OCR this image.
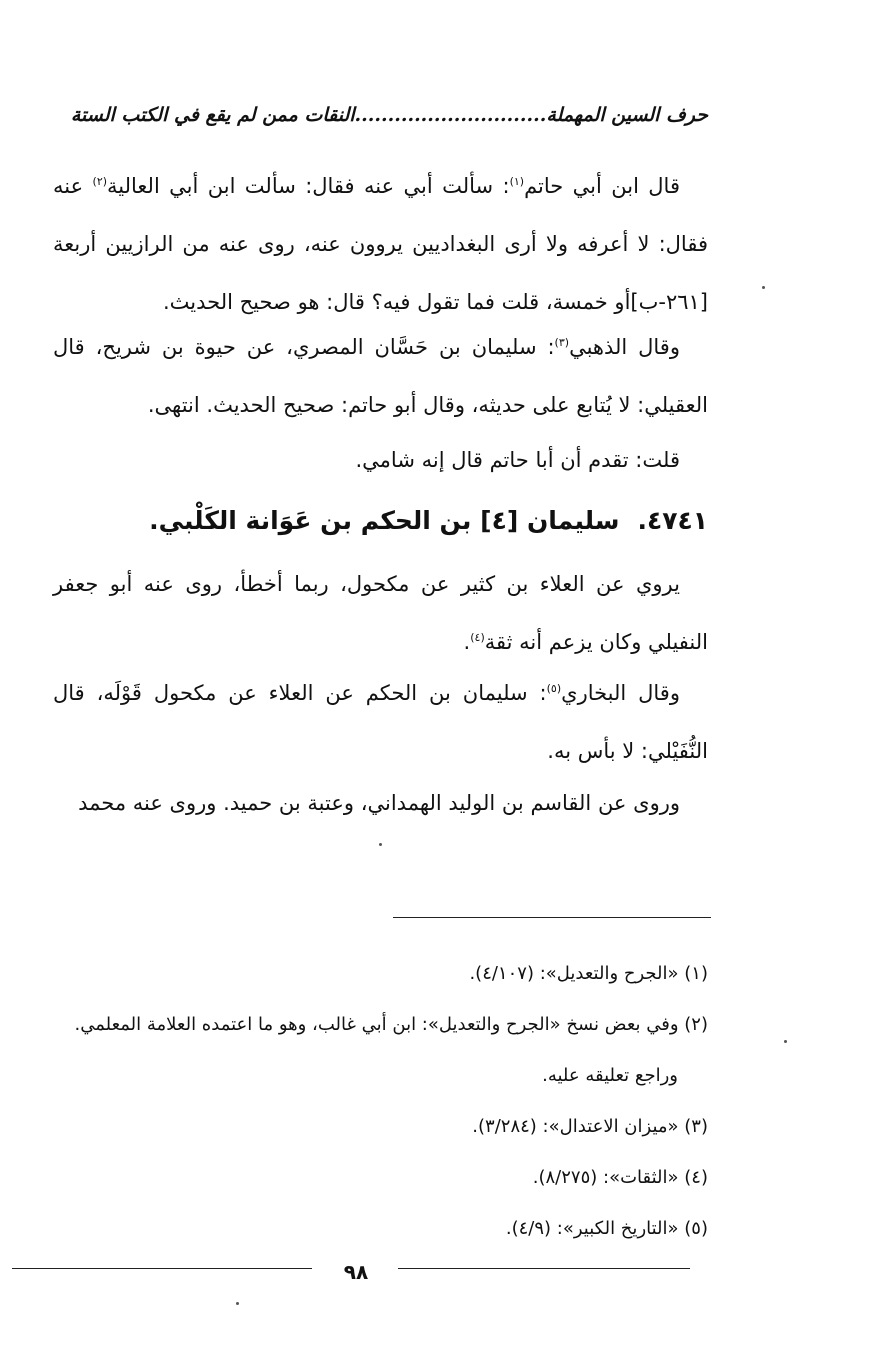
حرف السين المهملة.............................النقات ممن لم يقع في الكتب الستة
قال ابن أبي حاتم$^{(١)}$: سألت أبي عنه فقال: سألت ابن أبي العالية$^{(٢)}$ عنه فقال: لا أعرفه ولا أرى البغداديين يروون عنه، روى عنه من الرازيين أربعة [٢٦١-ب]أو خمسة، قلت فما تقول فيه؟ قال: هو صحيح الحديث.
وقال الذهبي$^{(٣)}$: سليمان بن حَسَّان المصري، عن حيوة بن شريح، قال العقيلي: لا يُتابع على حديثه، وقال أبو حاتم: صحيح الحديث. انتهى.
قلت: تقدم أن أبا حاتم قال إنه شامي.
٤٧٤١.سليمان [٤] بن الحكم بن عَوَانة الكَلْبي.
يروي عن العلاء بن كثير عن مكحول، ربما أخطأ، روى عنه أبو جعفر النفيلي وكان يزعم أنه ثقة$^{(٤)}$.
وقال البخاري$^{(٥)}$: سليمان بن الحكم عن العلاء عن مكحول قَوْلَه، قال النُّفَيْلي: لا بأس به.
وروى عن القاسم بن الوليد الهمداني، وعتبة بن حميد. وروى عنه محمد
(١) «الجرح والتعديل»: (٤/١٠٧).
(٢) وفي بعض نسخ «الجرح والتعديل»: ابن أبي غالب، وهو ما اعتمده العلامة المعلمي.
وراجع تعليقه عليه.
(٣) «ميزان الاعتدال»: (٣/٢٨٤).
(٤) «الثقات»: (٨/٢٧٥).
(٥) «التاريخ الكبير»: (٤/٩).
٩٨
